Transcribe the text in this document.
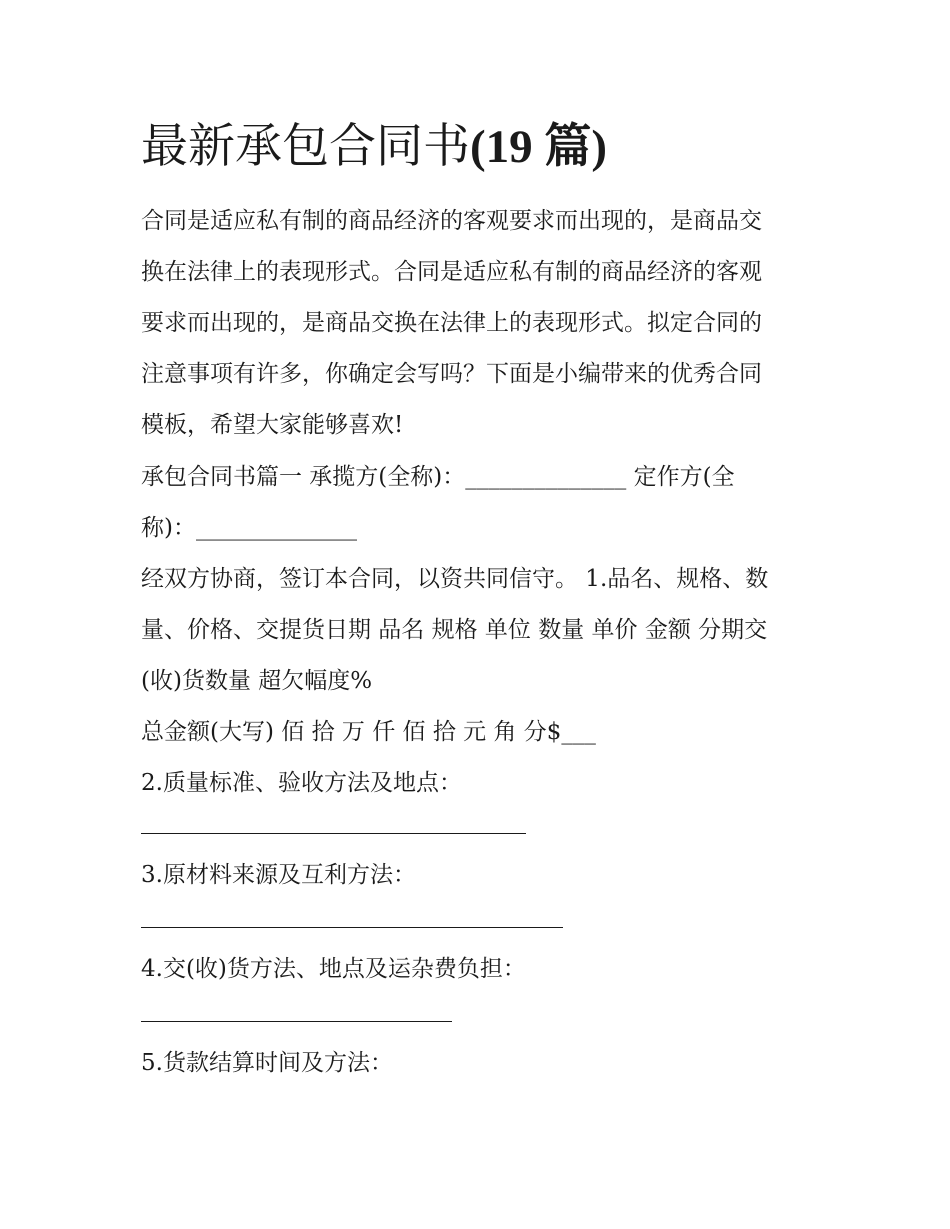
最新承包合同书(19 篇)

合同是适应私有制的商品经济的客观要求而出现的，是商品交

换在法律上的表现形式。合同是适应私有制的商品经济的客观

要求而出现的，是商品交换在法律上的表现形式。拟定合同的

注意事项有许多，你确定会写吗？下面是小编带来的优秀合同

模板，希望大家能够喜欢!

承包合同书篇一 承揽方(全称)：______________ 定作方(全

称)：______________

经双方协商，签订本合同，以资共同信守。 1.品名、规格、数

量、价格、交提货日期 品名 规格 单位 数量 单价 金额 分期交

(收)货数量 超欠幅度%

总金额(大写) 佰 拾 万 仟 佰 拾 元 角 分$___

2.质量标准、验收方法及地点：

3.原材料来源及互利方法：

4.交(收)货方法、地点及运杂费负担：

5.货款结算时间及方法：
